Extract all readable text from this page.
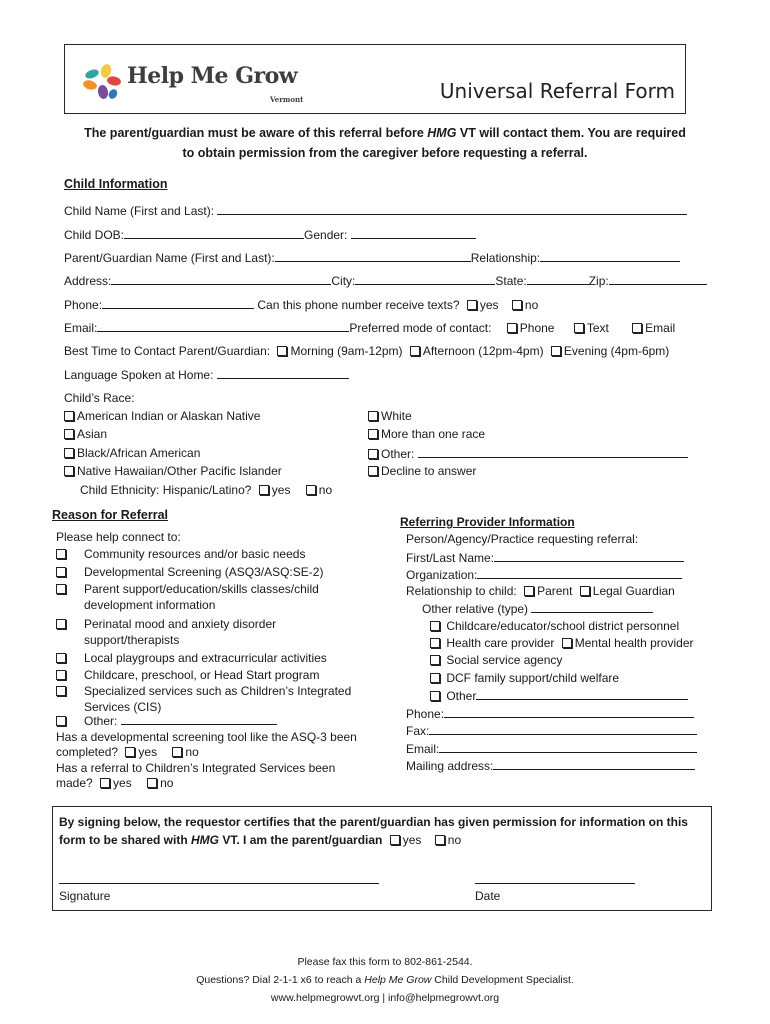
Help Me Grow
Vermont	Universal Referral Form
The parent/guardian must be aware of this referral before HMG VT will contact them. You are required
to obtain permission from the caregiver before requesting a referral.
Child Information
Child Name (First and Last):
Child DOB:	Gender:
Parent/Guardian Name (First and Last):	Relationship:
Address:	City:	State:	Zip:
Phone:	Can this phone number receive texts? yes no
Email:	Preferred mode of contact: Phone	Text	Email
Best Time to Contact Parent/Guardian: Morning (9am-12pm) Afternoon (12pm-4pm) Evening (4pm-6pm)
Language Spoken at Home:
Child’s Race:
American Indian or Alaskan Native
Asian
Black/African American
Native Hawaiian/Other Pacific Islander
White
More than one race
Other:
Decline to answer
Child Ethnicity: Hispanic/Latino? yes no
Reason for Referral
Please help connect to:
Community resources and/or basic needs
Developmental Screening (ASQ3/ASQ:SE-2)
Parent support/education/skills classes/child
development information
Perinatal mood and anxiety disorder
support/therapists
Local playgroups and extracurricular activities
Childcare, preschool, or Head Start program
Specialized services such as Children’s Integrated
Services (CIS)
Other:
Has a developmental screening tool like the ASQ-3 been
completed? yes no
Has a referral to Children’s Integrated Services been
made? yes no
Referring Provider Information
Person/Agency/Practice requesting referral:
First/Last Name:
Organization:
Relationship to child: Parent Legal Guardian
Other relative (type)
Childcare/educator/school district personnel
Health care provider Mental health provider
Social service agency
DCF family support/child welfare
Other
Phone:
Fax:
Email:
Mailing address:
By signing below, the requestor certifies that the parent/guardian has given permission for information on this
form to be shared with HMG VT. I am the parent/guardian yes no
Signature	Date
Please fax this form to 802-861-2544.
Questions? Dial 2-1-1 x6 to reach a Help Me Grow Child Development Specialist.
www.helpmegrowvt.org | info@helpmegrowvt.org
